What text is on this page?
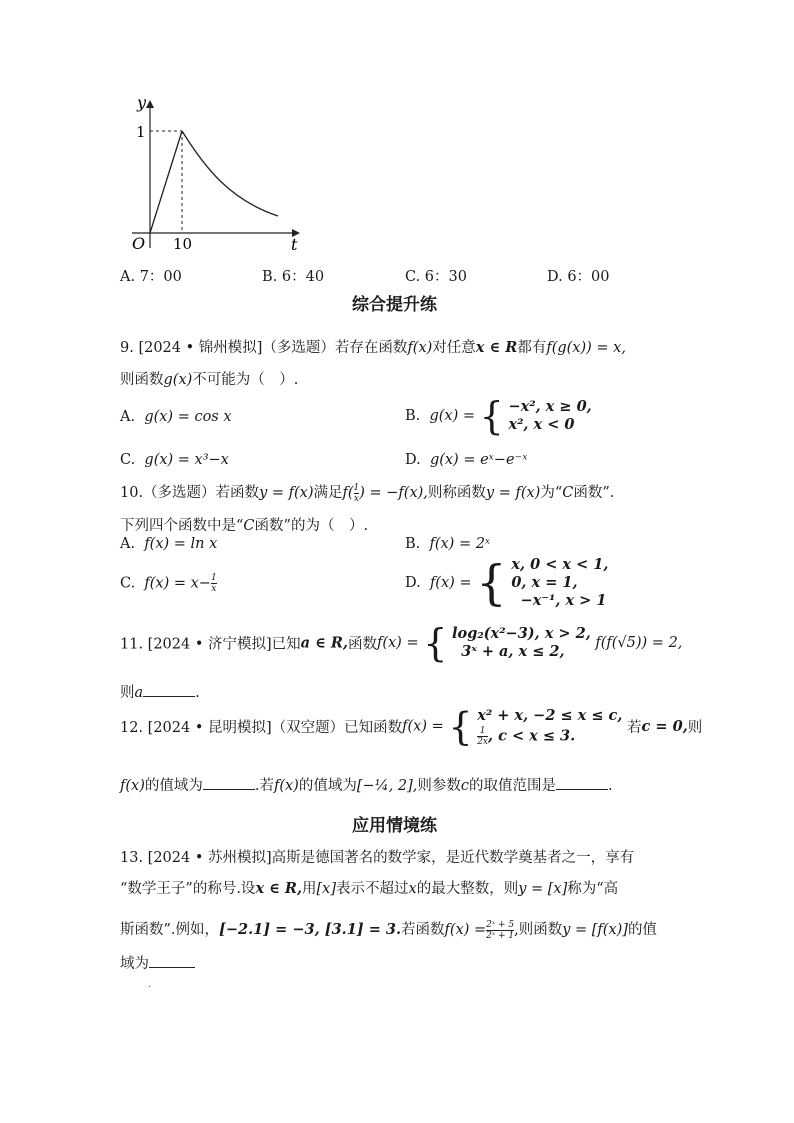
y
1
O 10	t
A. 7：00	B. 6：40	C. 6：30	D. 6：00
综合提升练
9. [2024 • 锦州模拟]（多选题）若存在函数f(x)对任意x ∈ R都有f(g(x)) = x,
则函数g(x)不可能为（　）.
A. g(x) = cos x	B. g(x) = { −x², x ≥ 0,
x², x < 0
C. g(x) = x³−x	D. g(x) = eˣ−e⁻ˣ
10.（多选题）若函数y = f(x)满足$f( \frac{1}{x}$ ) = −f(x),则称函数y = f(x)为“C函数”.
下列四个函数中是“C函数”的为（　）.
A. f(x) = ln x	B. f(x) = 2ˣ
C. $f(x) = x- \frac{1}{x}$	D. f(x) = { x, 0 < x < 1,
0, x = 1,
−x⁻¹, x > 1
11. [2024 • 济宁模拟]已知a ∈ R,函数f(x) = { log₂(x²−3), x > 2,
3ˣ + a, x ≤ 2, f(f(√5)) = 2,
则a	.
12. [2024 • 昆明模拟]（双空题）已知函数f(x) = { x² + x, −2 ≤ x ≤ c,

$\frac{1}{2x}$ , c < x ≤ 3.	若c = 0,则
f(x)的值域为	.若f(x)的值域为[−¼, 2],则参数c的取值范围是	.
应用情境练
13. [2024 • 苏州模拟]高斯是德国著名的数学家，是近代数学奠基者之一，享有
“数学王子”的称号.设x ∈ R,用[x]表示不超过x的最大整数，则y = [x]称为“高
斯函数”.例如，[−2.1] = −3, [3.1] = 3.若函数$f(x) = \frac{\text{2ˣ + 5}}{\text{2ˣ + 1}}$ ,则函数y = [f(x)]的值
域为
.
